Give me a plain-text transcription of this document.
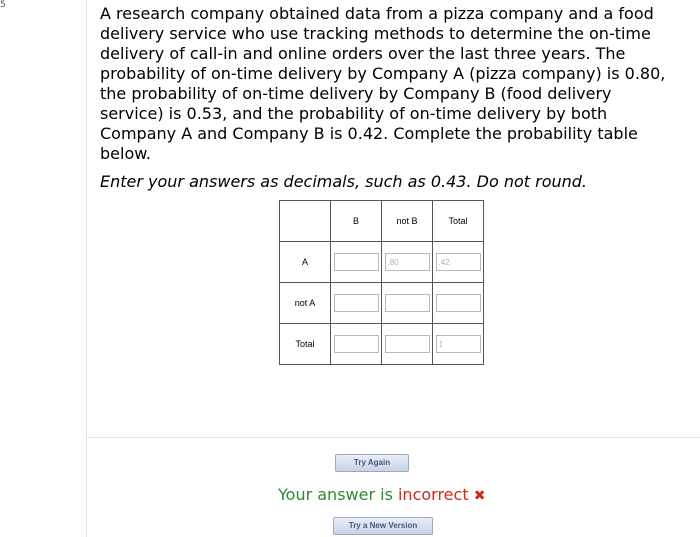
5	A research company obtained data from a pizza company and a food delivery service who use tracking methods to determine the on-time delivery of call-in and online orders over the last three years. The probability of on-time delivery by Company A (pizza company) is 0.80, the probability of on-time delivery by Company B (food delivery service) is 0.53, and the probability of on-time delivery by both Company A and Company B is 0.42. Complete the probability table below.
Enter your answers as decimals, such as 0.43. Do not round.
	B	not B	Total
A		.80	.42
not A			
Total			1
Try Again
Your answer is incorrect ✖
Try a New Version
